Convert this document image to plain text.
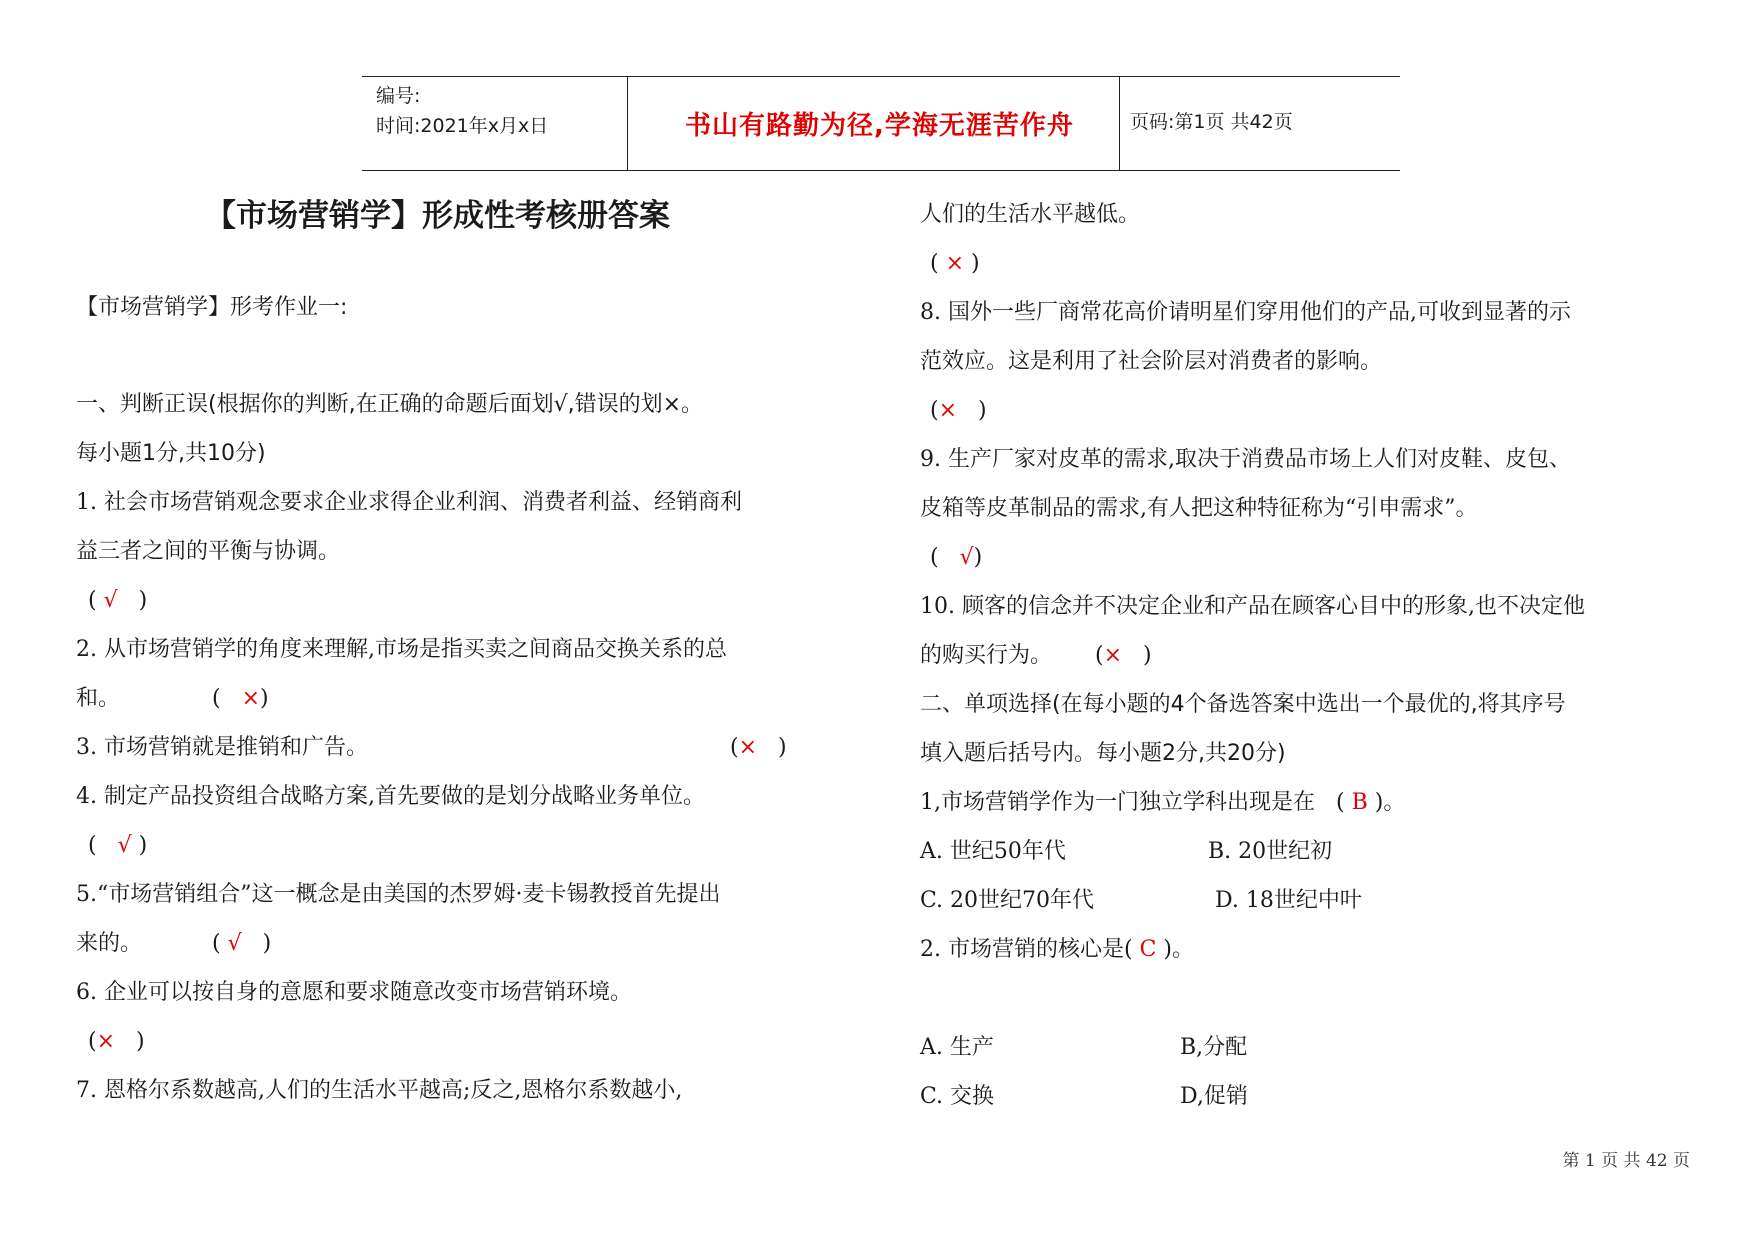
编号:
时间:2021年x月x日	书山有路勤为径,学海无涯苦作舟	页码:第1页 共42页
【市场营销学】形成性考核册答案
【市场营销学】形考作业一:
一、判断正误(根据你的判断,在正确的命题后面划√,错误的划×。
每小题1分,共10分)
1. 社会市场营销观念要求企业求得企业利润、消费者利益、经销商利
益三者之间的平衡与协调。
( √   )
2. 从市场营销学的角度来理解,市场是指买卖之间商品交换关系的总
和。	(   ×)
3. 市场营销就是推销和广告。	(×   )
4. 制定产品投资组合战略方案,首先要做的是划分战略业务单位。
(   √ )
5.“市场营销组合”这一概念是由美国的杰罗姆·麦卡锡教授首先提出
来的。	( √   )
6. 企业可以按自身的意愿和要求随意改变市场营销环境。
(×   )
7. 恩格尔系数越高,人们的生活水平越高;反之,恩格尔系数越小,
人们的生活水平越低。
( × )
8. 国外一些厂商常花高价请明星们穿用他们的产品,可收到显著的示
范效应。这是利用了社会阶层对消费者的影响。
(×   )
9. 生产厂家对皮革的需求,取决于消费品市场上人们对皮鞋、皮包、
皮箱等皮革制品的需求,有人把这种特征称为“引申需求”。
(   √)
10. 顾客的信念并不决定企业和产品在顾客心目中的形象,也不决定他
的购买行为。 (×   )
二、单项选择(在每小题的4个备选答案中选出一个最优的,将其序号
填入题后括号内。每小题2分,共20分)
1,市场营销学作为一门独立学科出现是在   ( B )。
A. 世纪50年代	B. 20世纪初
C. 20世纪70年代	D. 18世纪中叶
2. 市场营销的核心是( C )。
A. 生产	B,分配
C. 交换	D,促销
第 1 页 共 42 页
